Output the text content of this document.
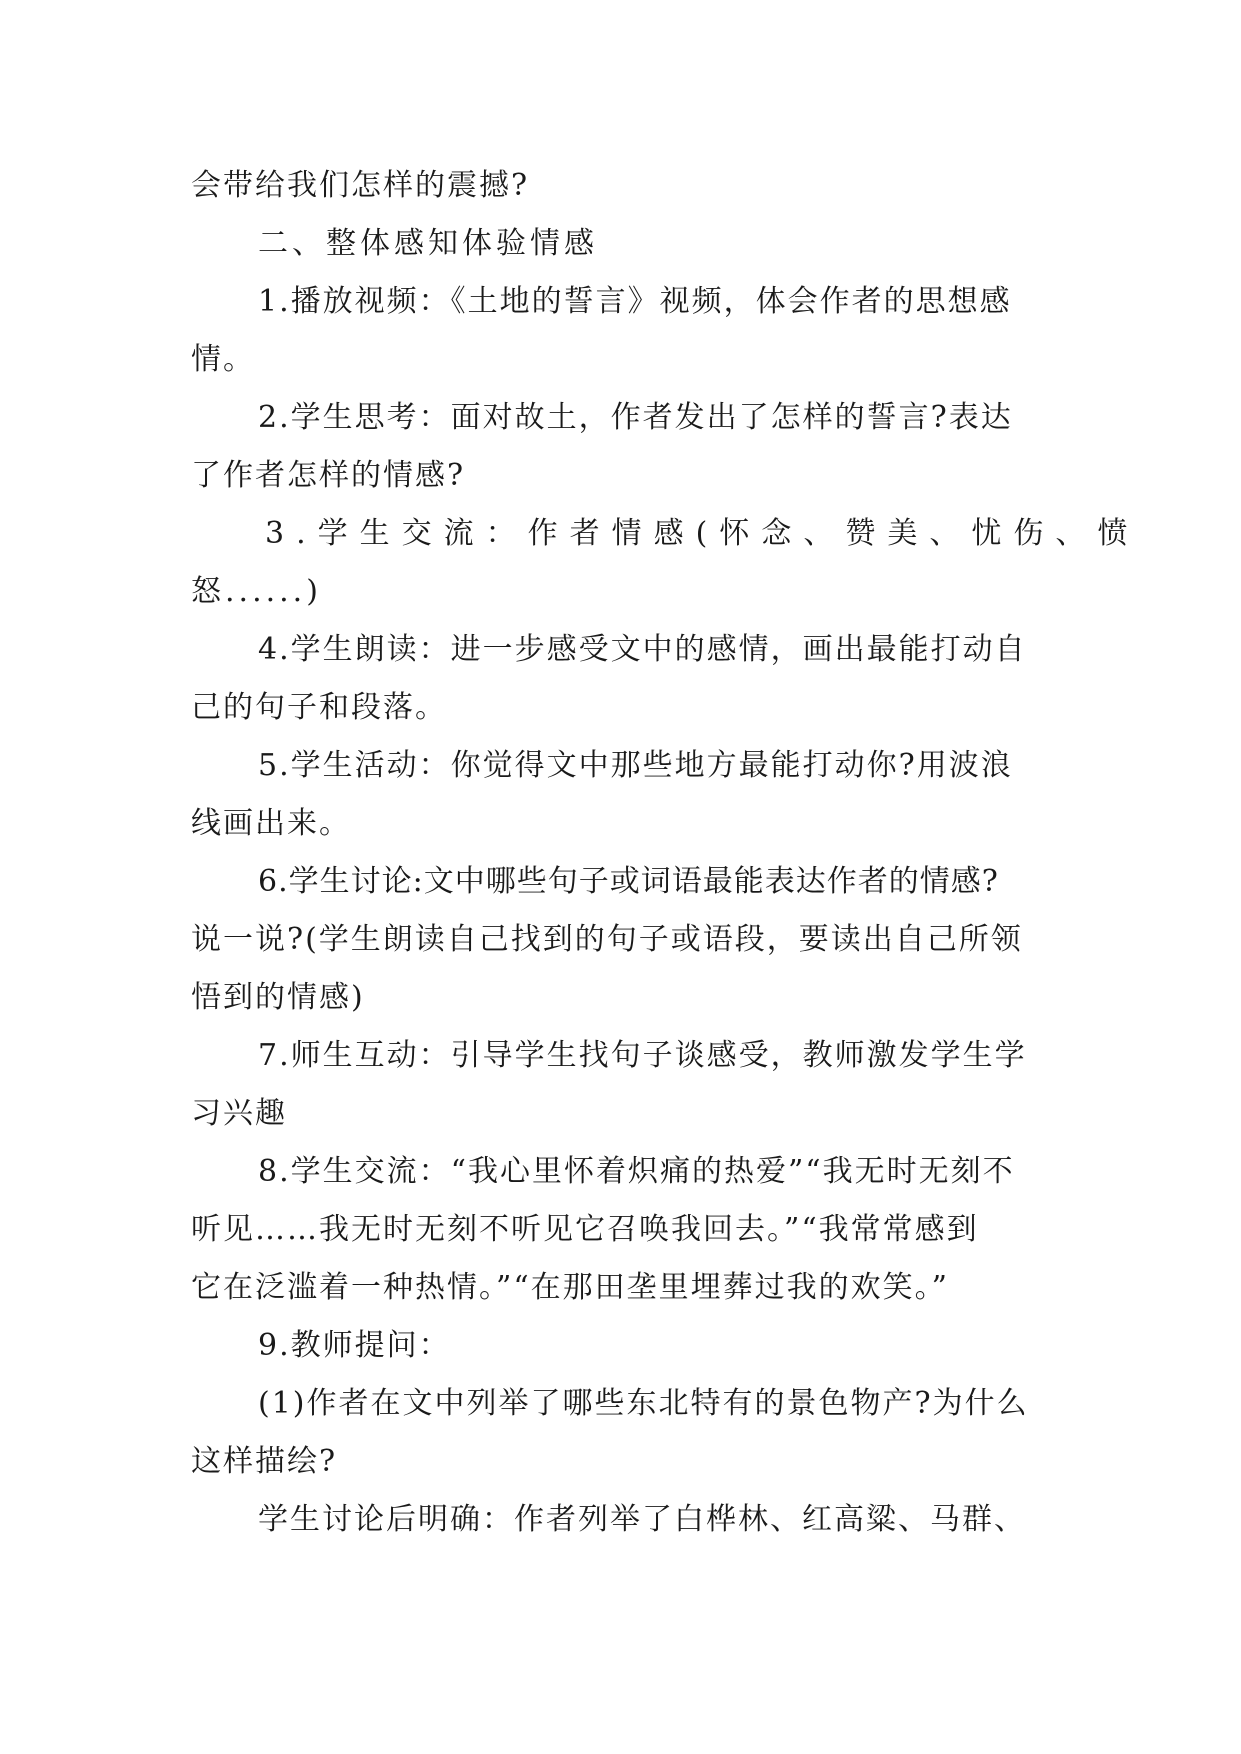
会带给我们怎样的震撼?
二、整体感知体验情感
1.播放视频：《土地的誓言》视频，体会作者的思想感
情。
2.学生思考：面对故土，作者发出了怎样的誓言?表达
了作者怎样的情感?
3.学生交流：作者情感(怀念、赞美、忧伤、愤
怒......)
4.学生朗读：进一步感受文中的感情，画出最能打动自
己的句子和段落。
5.学生活动：你觉得文中那些地方最能打动你?用波浪
线画出来。
6.学生讨论:文中哪些句子或词语最能表达作者的情感?
说一说?(学生朗读自己找到的句子或语段，要读出自己所领
悟到的情感)
7.师生互动：引导学生找句子谈感受，教师激发学生学
习兴趣
8.学生交流：“我心里怀着炽痛的热爱”“我无时无刻不
听见……我无时无刻不听见它召唤我回去。”“我常常感到
它在泛滥着一种热情。”“在那田垄里埋葬过我的欢笑。”
9.教师提问：
(1)作者在文中列举了哪些东北特有的景色物产?为什么
这样描绘?
学生讨论后明确：作者列举了白桦林、红高粱、马群、
